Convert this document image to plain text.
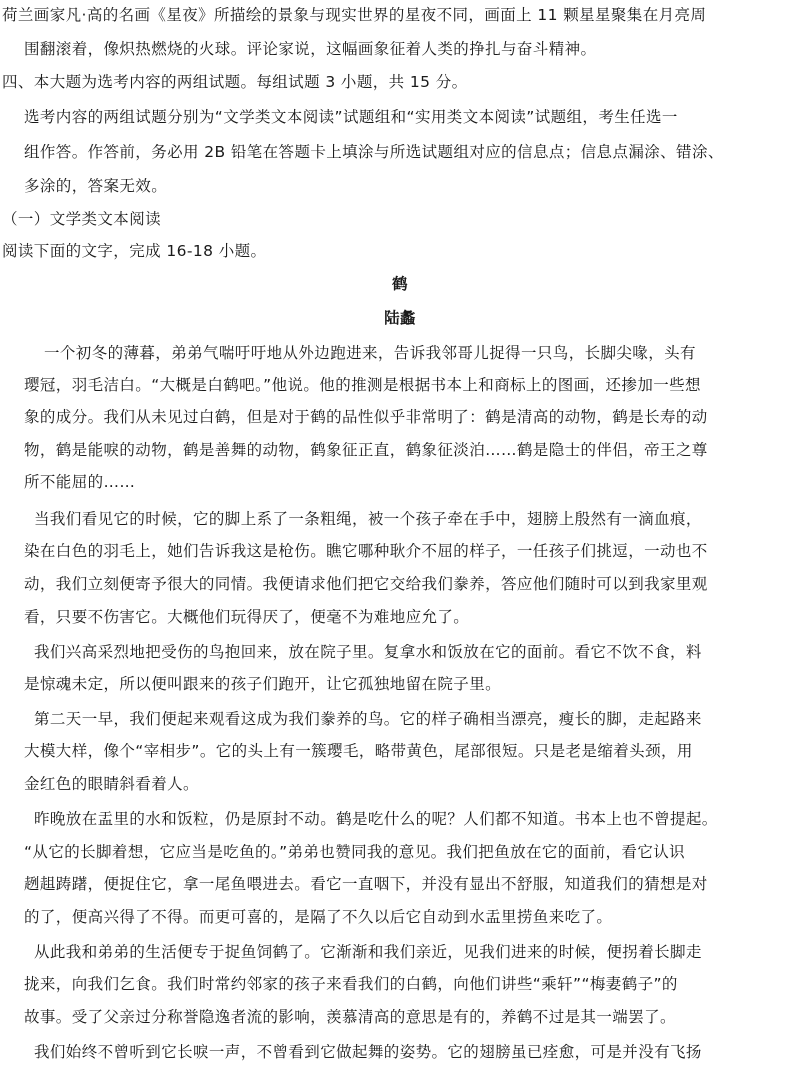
荷兰画家凡·高的名画《星夜》所描绘的景象与现实世界的星夜不同，画面上 11 颗星星聚集在月亮周
围翻滚着，像炽热燃烧的火球。评论家说，这幅画象征着人类的挣扎与奋斗精神。
四、本大题为选考内容的两组试题。每组试题 3 小题，共 15 分。
选考内容的两组试题分别为“文学类文本阅读”试题组和“实用类文本阅读”试题组，考生任选一
组作答。作答前，务必用 2B 铅笔在答题卡上填涂与所选试题组对应的信息点；信息点漏涂、错涂、
多涂的，答案无效。
（一）文学类文本阅读
阅读下面的文字，完成 16-18 小题。
鹤
陆蠡
一个初冬的薄暮，弟弟气喘吁吁地从外边跑进来，告诉我邻哥儿捉得一只鸟，长脚尖喙，头有
璎冠，羽毛洁白。“大概是白鹤吧。”他说。他的推测是根据书本上和商标上的图画，还掺加一些想
象的成分。我们从未见过白鹤，但是对于鹤的品性似乎非常明了：鹤是清高的动物，鹤是长寿的动
物，鹤是能唳的动物，鹤是善舞的动物，鹤象征正直，鹤象征淡泊……鹤是隐士的伴侣，帝王之尊
所不能屈的……
当我们看见它的时候，它的脚上系了一条粗绳，被一个孩子牵在手中，翅膀上殷然有一滴血痕，
染在白色的羽毛上，她们告诉我这是枪伤。瞧它哪种耿介不屈的样子，一任孩子们挑逗，一动也不
动，我们立刻便寄予很大的同情。我便请求他们把它交给我们豢养，答应他们随时可以到我家里观
看，只要不伤害它。大概他们玩得厌了，便毫不为难地应允了。
我们兴高采烈地把受伤的鸟抱回来，放在院子里。复拿水和饭放在它的面前。看它不饮不食，料
是惊魂未定，所以便叫跟来的孩子们跑开，让它孤独地留在院子里。
第二天一早，我们便起来观看这成为我们豢养的鸟。它的样子确相当漂亮，瘦长的脚，走起路来
大模大样，像个“宰相步”。它的头上有一簇璎毛，略带黄色，尾部很短。只是老是缩着头颈，用
金红色的眼睛斜看着人。
昨晚放在盂里的水和饭粒，仍是原封不动。鹤是吃什么的呢？人们都不知道。书本上也不曾提起。
“从它的长脚着想，它应当是吃鱼的。”弟弟也赞同我的意见。我们把鱼放在它的面前，看它认识
趔趄踌躇，便捉住它，拿一尾鱼喂进去。看它一直咽下，并没有显出不舒服，知道我们的猜想是对
的了，便高兴得了不得。而更可喜的，是隔了不久以后它自动到水盂里捞鱼来吃了。
从此我和弟弟的生活便专于捉鱼饲鹤了。它渐渐和我们亲近，见我们进来的时候，便拐着长脚走
拢来，向我们乞食。我们时常约邻家的孩子来看我们的白鹤，向他们讲些“乘轩”“梅妻鹤子”的
故事。受了父亲过分称誉隐逸者流的影响，羡慕清高的意思是有的，养鹤不过是其一端罢了。
我们始终不曾听到它长唳一声，不曾看到它做起舞的姿势。它的翅膀虽已痊愈，可是并没有飞扬
